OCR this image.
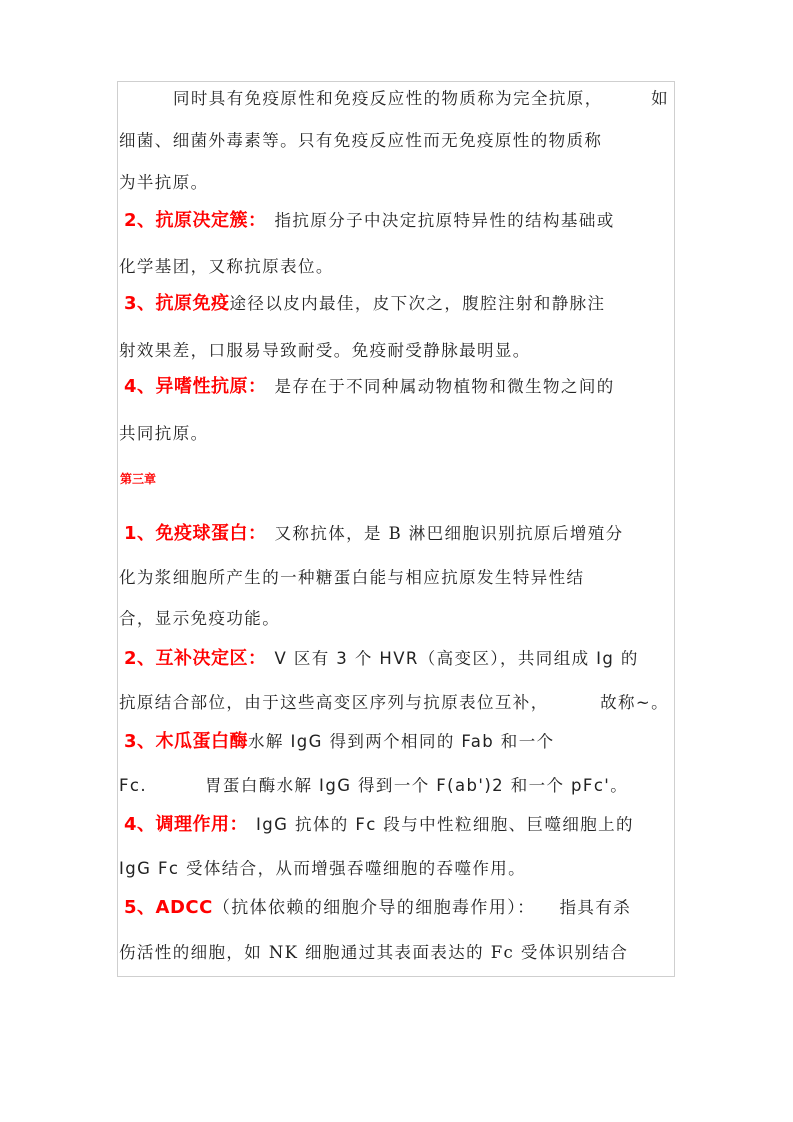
同时具有免疫原性和免疫反应性的物质称为完全抗原，	如
细菌、细菌外毒素等。只有免疫反应性而无免疫原性的物质称
为半抗原。
2、抗原决定簇： 指抗原分子中决定抗原特异性的结构基础或
化学基团，又称抗原表位。
3、抗原免疫途径以皮内最佳，皮下次之，腹腔注射和静脉注
射效果差，口服易导致耐受。免疫耐受静脉最明显。
4、异嗜性抗原： 是存在于不同种属动物植物和微生物之间的
共同抗原。
第三章
1、免疫球蛋白： 又称抗体，是 B 淋巴细胞识别抗原后增殖分
化为浆细胞所产生的一种糖蛋白能与相应抗原发生特异性结
合，显示免疫功能。
2、互补决定区： V 区有 3 个 HVR（高变区），共同组成 Ig 的
抗原结合部位，由于这些高变区序列与抗原表位互补，	故称~。
3、木瓜蛋白酶水解 IgG 得到两个相同的 Fab 和一个
Fc.	胃蛋白酶水解 IgG 得到一个 F(ab')2 和一个 pFc'。
4、调理作用： IgG 抗体的 Fc 段与中性粒细胞、巨噬细胞上的
IgG Fc 受体结合，从而增强吞噬细胞的吞噬作用。
5、ADCC（抗体依赖的细胞介导的细胞毒作用）： 指具有杀
伤活性的细胞，如 NK 细胞通过其表面表达的 Fc 受体识别结合
